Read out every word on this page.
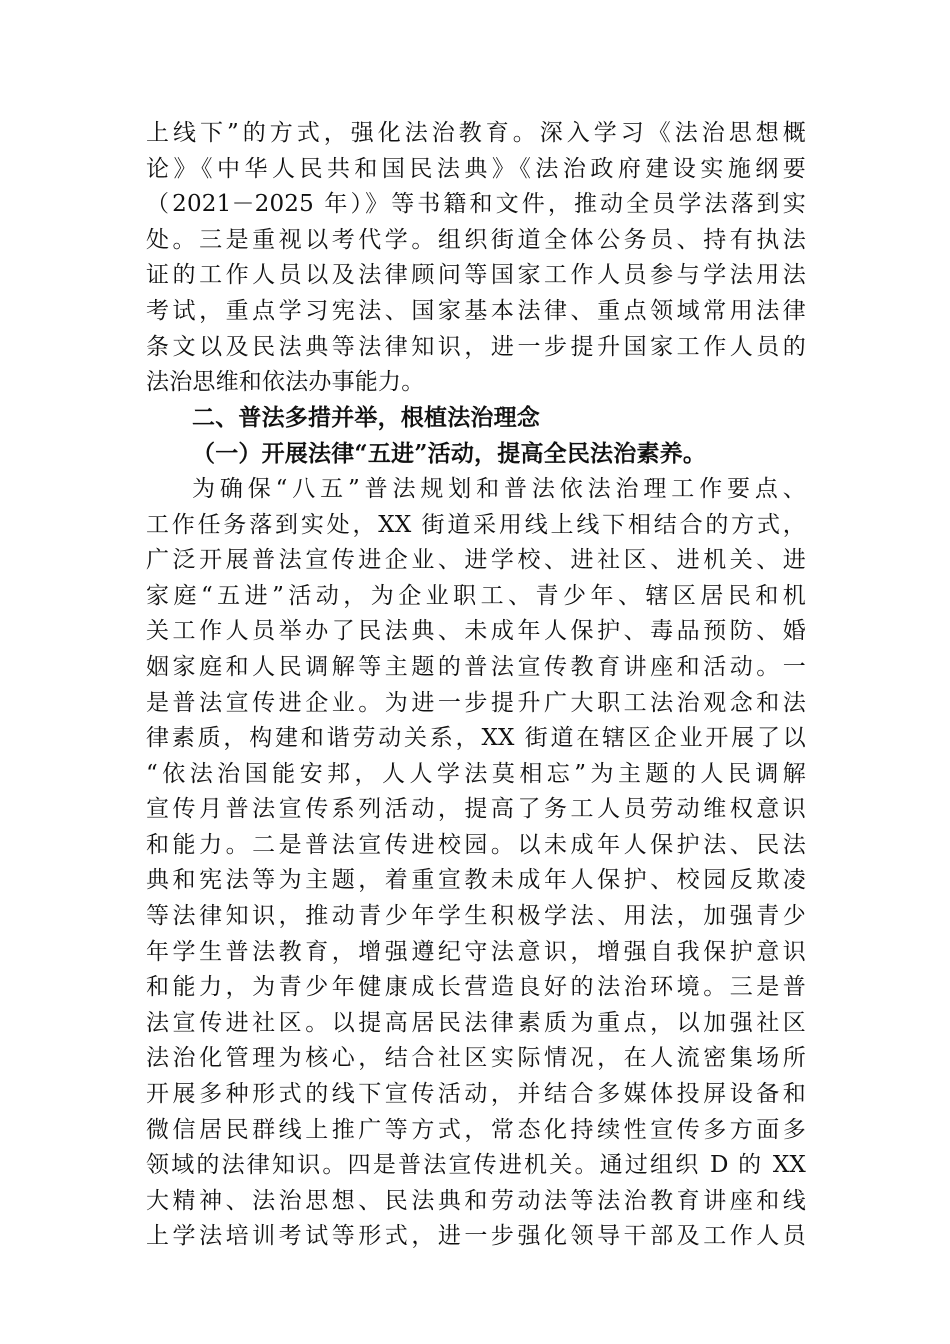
上线下”的方式，强化法治教育。深入学习《法治思想概
论》《中华人民共和国民法典》《法治政府建设实施纲要
（2021－2025 年）》等书籍和文件，推动全员学法落到实
处。三是重视以考代学。组织街道全体公务员、持有执法
证的工作人员以及法律顾问等国家工作人员参与学法用法
考试，重点学习宪法、国家基本法律、重点领域常用法律
条文以及民法典等法律知识，进一步提升国家工作人员的
法治思维和依法办事能力。
二、普法多措并举，根植法治理念
（一）开展法律“五进”活动，提高全民法治素养。
为确保“八五”普法规划和普法依法治理工作要点、
工作任务落到实处，XX 街道采用线上线下相结合的方式，
广泛开展普法宣传进企业、进学校、进社区、进机关、进
家庭“五进”活动，为企业职工、青少年、辖区居民和机
关工作人员举办了民法典、未成年人保护、毒品预防、婚
姻家庭和人民调解等主题的普法宣传教育讲座和活动。一
是普法宣传进企业。为进一步提升广大职工法治观念和法
律素质，构建和谐劳动关系，XX 街道在辖区企业开展了以
“依法治国能安邦，人人学法莫相忘”为主题的人民调解
宣传月普法宣传系列活动，提高了务工人员劳动维权意识
和能力。二是普法宣传进校园。以未成年人保护法、民法
典和宪法等为主题，着重宣教未成年人保护、校园反欺凌
等法律知识，推动青少年学生积极学法、用法，加强青少
年学生普法教育，增强遵纪守法意识，增强自我保护意识
和能力，为青少年健康成长营造良好的法治环境。三是普
法宣传进社区。以提高居民法律素质为重点，以加强社区
法治化管理为核心，结合社区实际情况，在人流密集场所
开展多种形式的线下宣传活动，并结合多媒体投屏设备和
微信居民群线上推广等方式，常态化持续性宣传多方面多
领域的法律知识。四是普法宣传进机关。通过组织 D 的 XX
大精神、法治思想、民法典和劳动法等法治教育讲座和线
上学法培训考试等形式，进一步强化领导干部及工作人员
